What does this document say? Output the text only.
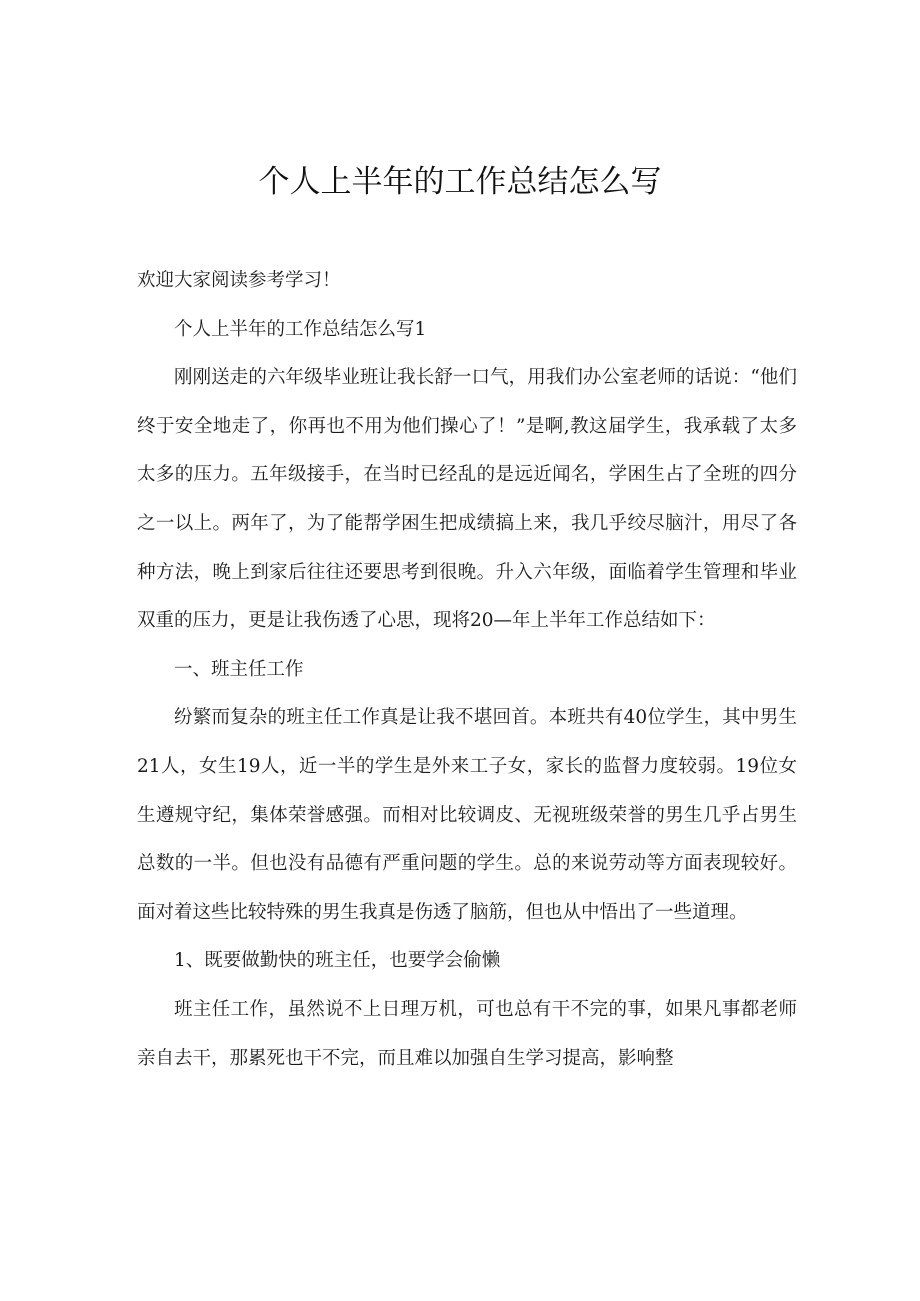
个人上半年的工作总结怎么写

欢迎大家阅读参考学习！

个人上半年的工作总结怎么写1

刚刚送走的六年级毕业班让我长舒一口气，用我们办公室老师的话说：“他们终于安全地走了，你再也不用为他们操心了！”是啊,教这届学生，我承载了太多太多的压力。五年级接手，在当时已经乱的是远近闻名，学困生占了全班的四分之一以上。两年了，为了能帮学困生把成绩搞上来，我几乎绞尽脑汁，用尽了各种方法，晚上到家后往往还要思考到很晚。升入六年级，面临着学生管理和毕业双重的压力，更是让我伤透了心思，现将20—年上半年工作总结如下：

一、班主任工作

纷繁而复杂的班主任工作真是让我不堪回首。本班共有40位学生，其中男生21人，女生19人，近一半的学生是外来工子女，家长的监督力度较弱。19位女生遵规守纪，集体荣誉感强。而相对比较调皮、无视班级荣誉的男生几乎占男生总数的一半。但也没有品德有严重问题的学生。总的来说劳动等方面表现较好。面对着这些比较特殊的男生我真是伤透了脑筋，但也从中悟出了一些道理。

1、既要做勤快的班主任，也要学会偷懒

班主任工作，虽然说不上日理万机，可也总有干不完的事，如果凡事都老师亲自去干，那累死也干不完，而且难以加强自生学习提高，影响整
